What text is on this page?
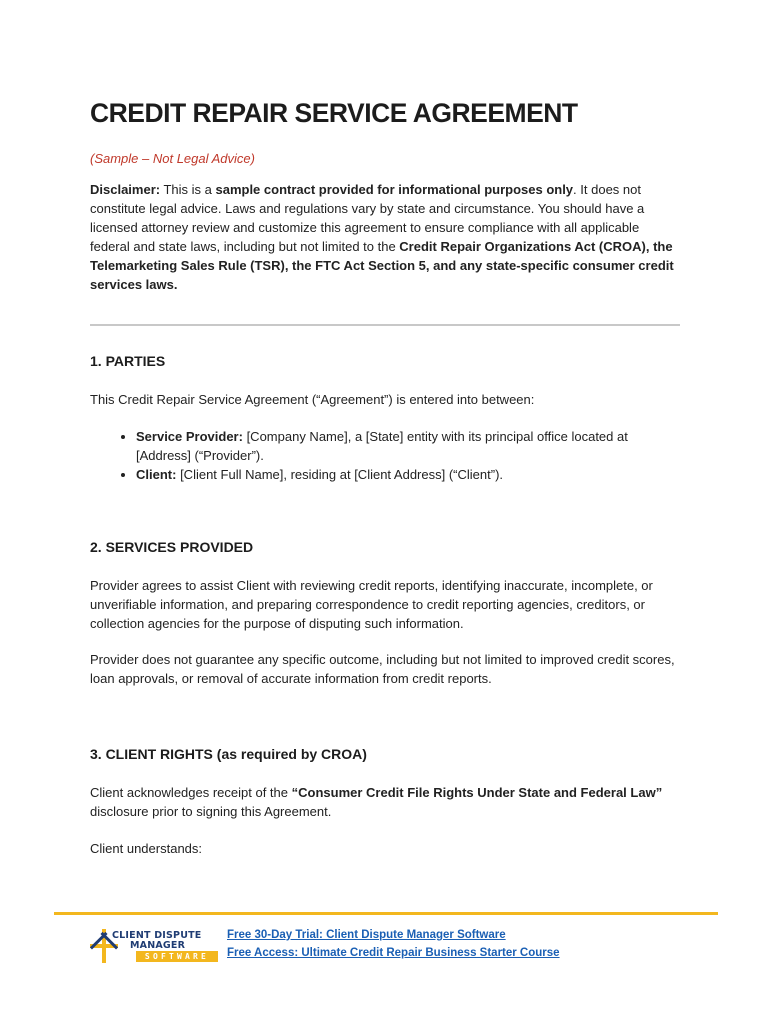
CREDIT REPAIR SERVICE AGREEMENT
(Sample – Not Legal Advice)

Disclaimer: This is a sample contract provided for informational purposes only. It does not constitute legal advice. Laws and regulations vary by state and circumstance. You should have a licensed attorney review and customize this agreement to ensure compliance with all applicable federal and state laws, including but not limited to the Credit Repair Organizations Act (CROA), the Telemarketing Sales Rule (TSR), the FTC Act Section 5, and any state-specific consumer credit services laws.

1. PARTIES

This Credit Repair Service Agreement (“Agreement”) is entered into between:

• Service Provider: [Company Name], a [State] entity with its principal office located at [Address] (“Provider”).
• Client: [Client Full Name], residing at [Client Address] (“Client”).
2. SERVICES PROVIDED

Provider agrees to assist Client with reviewing credit reports, identifying inaccurate, incomplete, or unverifiable information, and preparing correspondence to credit reporting agencies, creditors, or collection agencies for the purpose of disputing such information.

Provider does not guarantee any specific outcome, including but not limited to improved credit scores, loan approvals, or removal of accurate information from credit reports.

3. CLIENT RIGHTS (as required by CROA)

Client acknowledges receipt of the “Consumer Credit File Rights Under State and Federal Law” disclosure prior to signing this Agreement.

Client understands:

CLIENT DISPUTE
MANAGER
SOFTWARE
Free 30-Day Trial: Client Dispute Manager Software
Free Access: Ultimate Credit Repair Business Starter Course
